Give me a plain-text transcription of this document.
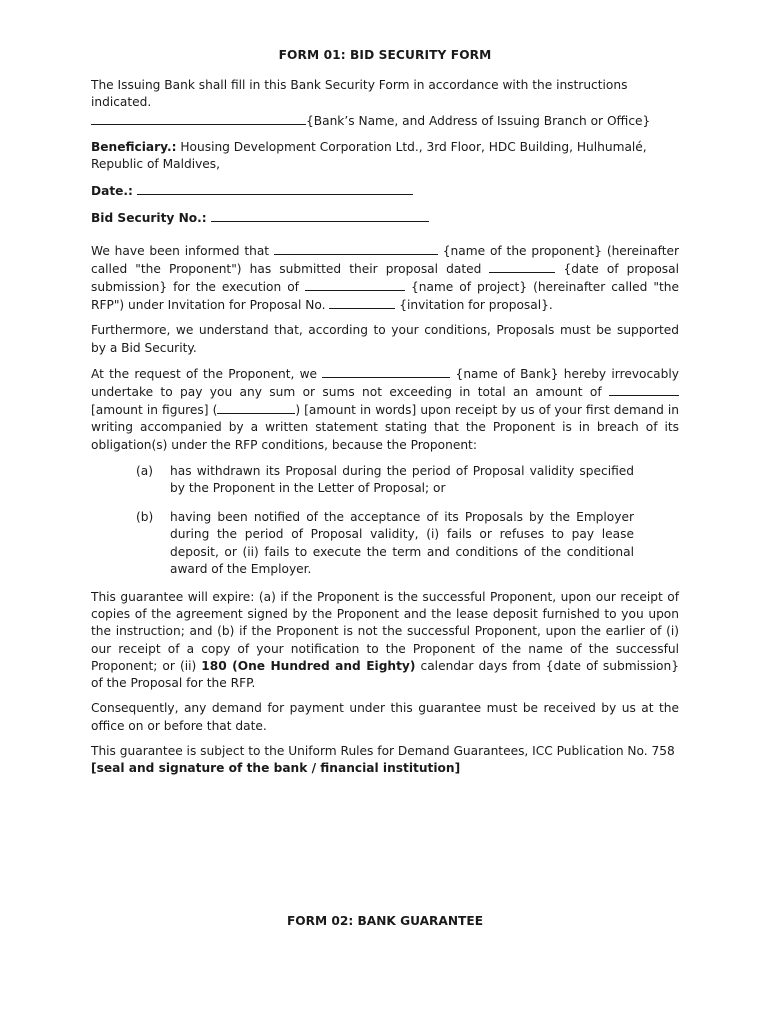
FORM 01: BID SECURITY FORM

The Issuing Bank shall fill in this Bank Security Form in accordance with the instructions indicated.

{Bank’s Name, and Address of Issuing Branch or Office}

Beneficiary.: Housing Development Corporation Ltd., 3rd Floor, HDC Building, Hulhumalé, Republic of Maldives,

Date.:
Bid Security No.:

We have been informed that	{name of the proponent} (hereinafter called "the Proponent") has submitted their proposal dated	{date of proposal submission} for the execution of	{name of project} (hereinafter called "the RFP") under Invitation for Proposal No.	{invitation for proposal}.

Furthermore, we understand that, according to your conditions, Proposals must be supported by a Bid Security.

At the request of the Proponent, we	{name of Bank} hereby irrevocably undertake to pay you any sum or sums not exceeding in total an amount of  [amount in figures] (	) [amount in words] upon receipt by us of your first demand in writing accompanied by a written statement stating that the Proponent is in breach of its obligation(s) under the RFP conditions, because the Proponent:

(a)	has withdrawn its Proposal during the period of Proposal validity specified by the Proponent in the Letter of Proposal; or
(b)	having been notified of the acceptance of its Proposals by the Employer during the period of Proposal validity, (i) fails or refuses to pay lease deposit, or (ii) fails to execute the term and conditions of the conditional award of the Employer.

This guarantee will expire: (a) if the Proponent is the successful Proponent, upon our receipt of copies of the agreement signed by the Proponent and the lease deposit furnished to you upon the instruction; and (b) if the Proponent is not the successful Proponent, upon the earlier of (i) our receipt of a copy of your notification to the Proponent of the name of the successful Proponent; or (ii) 180 (One Hundred and Eighty) calendar days from {date of submission} of the Proposal for the RFP.

Consequently, any demand for payment under this guarantee must be received by us at the office on or before that date.

This guarantee is subject to the Uniform Rules for Demand Guarantees, ICC Publication No. 758

[seal and signature of the bank / financial institution]
FORM 02: BANK GUARANTEE
